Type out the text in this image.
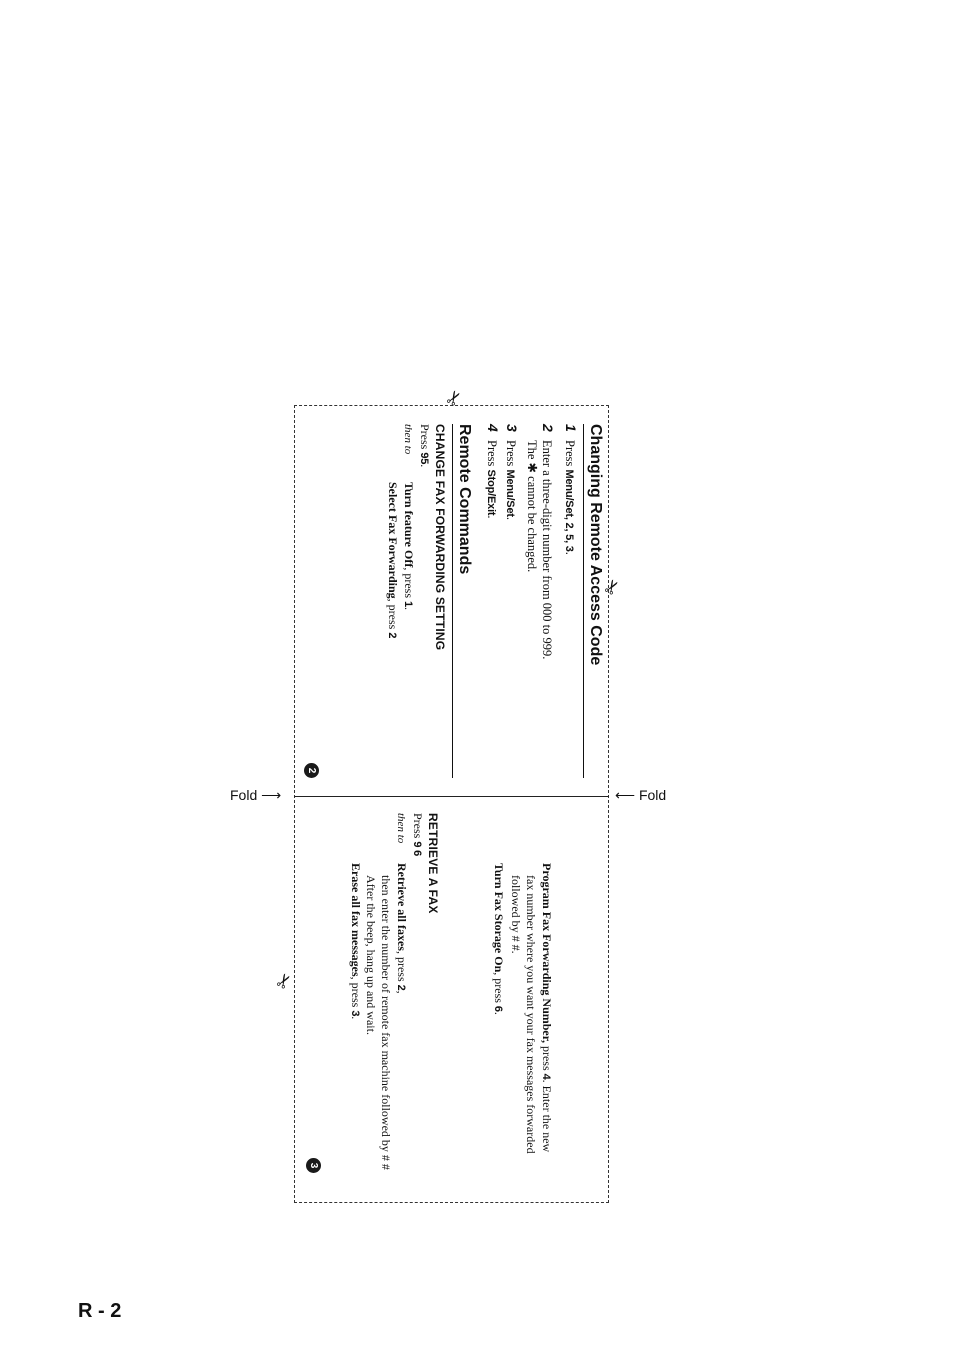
Fold ⟶	⟵ Fold
✂
✂
✂
2
3
Changing Remote Access Code
1
Press Menu/Set, 2, 5, 3.
2
Enter a three-digit number from 000 to 999.
The ✱ cannot be changed.
3
Press Menu/Set.
4
Press Stop/Exit.
Remote Commands
CHANGE FAX FORWARDING SETTING
Press 95.
then toTurn feature Off, press 1.
Select Fax Forwarding, press 2
Program Fax Forwarding Number, press 4. Enter the new
fax number where you want your fax messages forwarded
followed by # #.
Turn Fax Storage On, press 6.
RETRIEVE A FAX
Press 9 6
then toRetrieve all faxes, press 2,
then enter the number of remote fax machine followed by # #
After the beep, hang up and wait.
Erase all fax messages, press 3.
R - 2
